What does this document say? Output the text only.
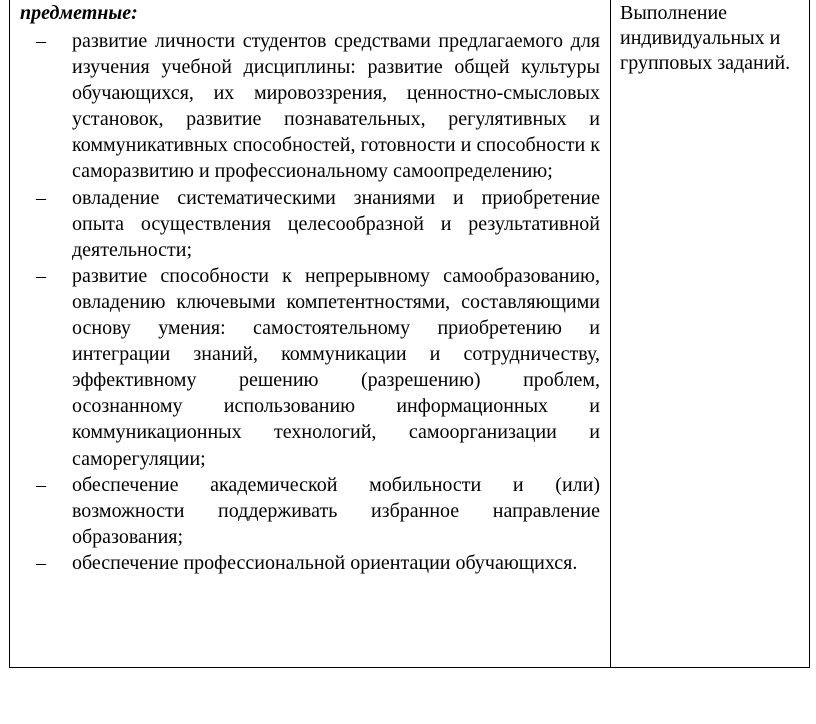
предметные:

–	развитие личности студентов средствами предлагаемого для изучения учебной дисциплины: развитие общей культуры обучающихся, их мировоззрения, ценностно-смысловых установок, развитие познавательных, регулятивных и коммуникативных способностей, готовности и способности к саморазвитию и профессиональному самоопределению;
–	овладение систематическими знаниями и приобретение опыта осуществления целесообразной и результативной деятельности;
–	развитие способности к непрерывному самообразованию, овладению ключевыми компетентностями, составляющими основу умения: самостоятельному приобретению и интеграции знаний, коммуникации и сотрудничеству, эффективному решению (разрешению) проблем, осознанному использованию информационных и коммуникационных технологий, самоорганизации и саморегуляции;
–	обеспечение академической мобильности и (или) возможности поддерживать избранное направление образования;
–	обеспечение профессиональной ориентации обучающихся.

Выполнение индивидуальных и групповых заданий.
